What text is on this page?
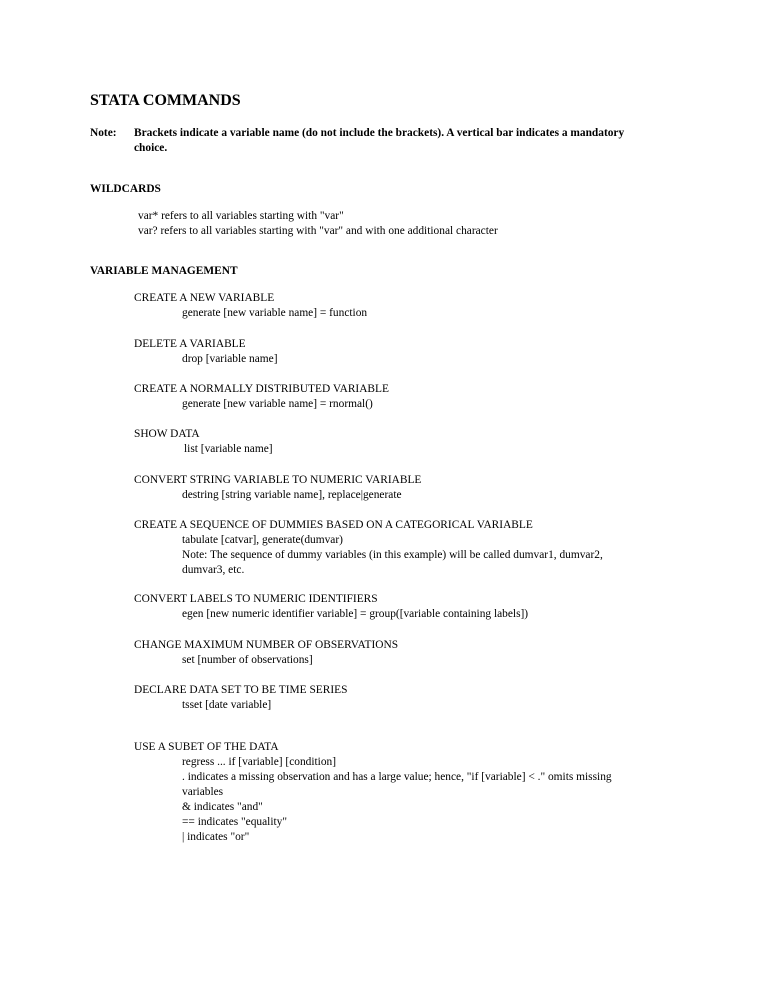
STATA COMMANDS
Note: Brackets indicate a variable name (do not include the brackets). A vertical bar indicates a mandatory
choice.
WILDCARDS
var* refers to all variables starting with "var"
var? refers to all variables starting with "var" and with one additional character
VARIABLE MANAGEMENT
CREATE A NEW VARIABLE
generate [new variable name] = function
DELETE A VARIABLE
drop [variable name]
CREATE A NORMALLY DISTRIBUTED VARIABLE
generate [new variable name] = rnormal()
SHOW DATA
list [variable name]
CONVERT STRING VARIABLE TO NUMERIC VARIABLE
destring [string variable name], replace|generate
CREATE A SEQUENCE OF DUMMIES BASED ON A CATEGORICAL VARIABLE
tabulate [catvar], generate(dumvar)
Note: The sequence of dummy variables (in this example) will be called dumvar1, dumvar2,
dumvar3, etc.
CONVERT LABELS TO NUMERIC IDENTIFIERS
egen [new numeric identifier variable] = group([variable containing labels])
CHANGE MAXIMUM NUMBER OF OBSERVATIONS
set [number of observations]
DECLARE DATA SET TO BE TIME SERIES
tsset [date variable]
USE A SUBET OF THE DATA
regress ... if [variable] [condition]
. indicates a missing observation and has a large value; hence, "if [variable] < ." omits missing
variables
& indicates "and"
== indicates "equality"
| indicates "or"
